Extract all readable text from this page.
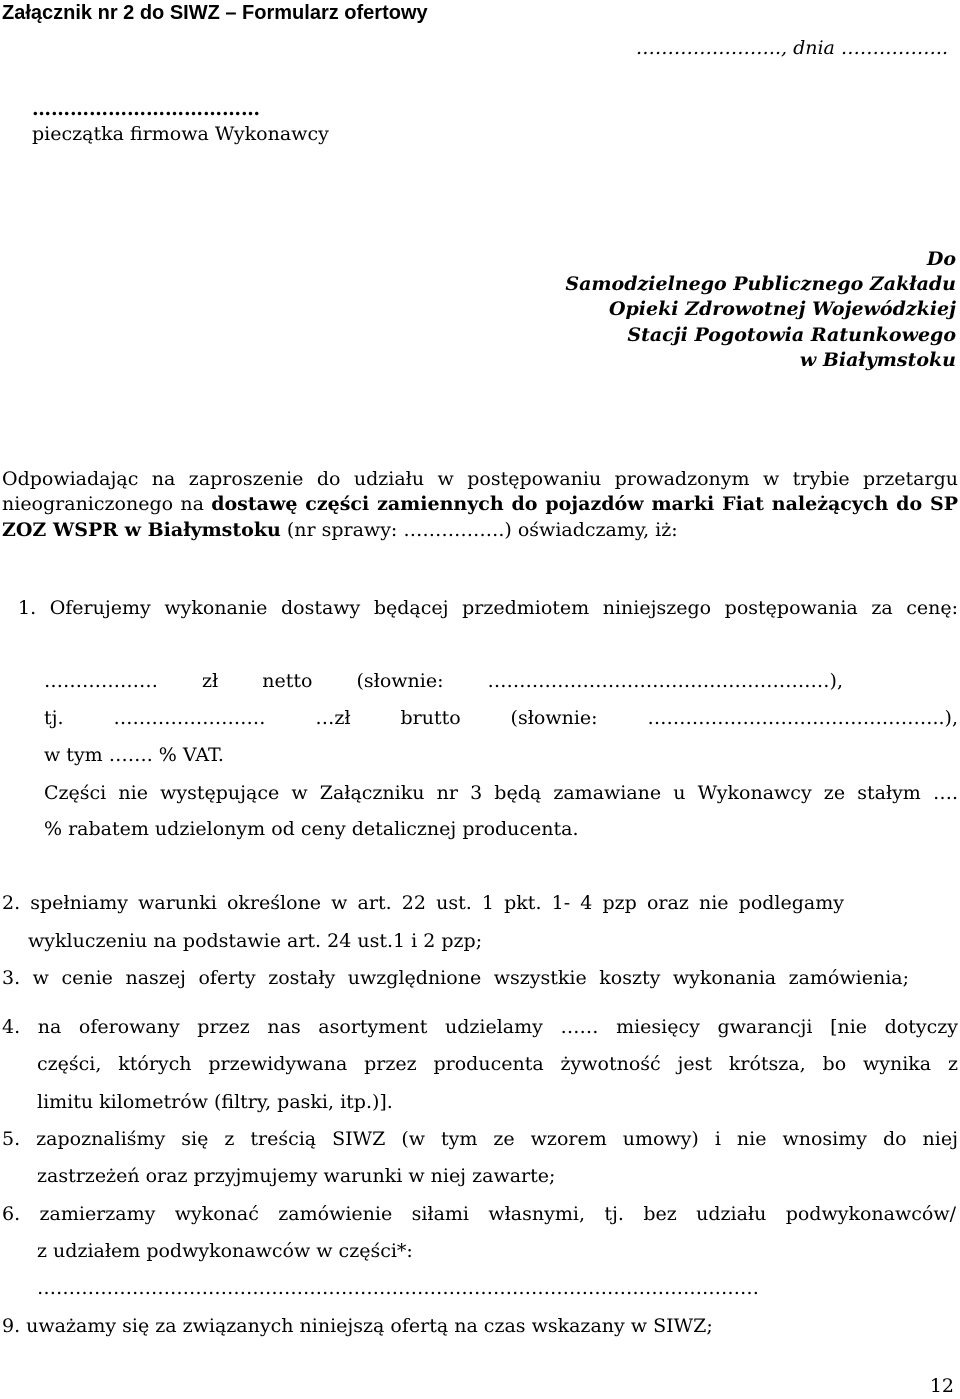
Załącznik nr 2 do SIWZ – Formularz ofertowy
………………….., dnia ……………..
………………………………
pieczątka firmowa Wykonawcy
Do
Samodzielnego Publicznego Zakładu
Opieki Zdrowotnej Wojewódzkiej
Stacji Pogotowia Ratunkowego
w Białymstoku
Odpowiadając na zaproszenie do udziału w postępowaniu prowadzonym w trybie przetargu nieograniczonego na dostawę części zamiennych do pojazdów marki Fiat należących do SP ZOZ WSPR w Białymstoku (nr sprawy: …………….) oświadczamy, iż:
1. Oferujemy wykonanie dostawy będącej przedmiotem niniejszego postępowania za cenę:
……………… zł netto (słownie: ………………………………………………),
tj. …………………… …zł brutto (słownie: ………………………………………..),
w tym ……. % VAT.
Części nie występujące w Załączniku nr 3 będą zamawiane u Wykonawcy ze stałym ….
% rabatem udzielonym od ceny detalicznej producenta.
2. spełniamy warunki określone w art. 22 ust. 1 pkt. 1- 4 pzp oraz nie podlegamy
wykluczeniu na podstawie art. 24 ust.1 i 2 pzp;
3. w cenie naszej oferty zostały uwzględnione wszystkie koszty wykonania zamówienia;
4. na oferowany przez nas asortyment udzielamy …… miesięcy gwarancji [nie dotyczy
części, których przewidywana przez producenta żywotność jest krótsza, bo wynika z
limitu kilometrów (filtry, paski, itp.)].
5. zapoznaliśmy się z treścią SIWZ (w tym ze wzorem umowy) i nie wnosimy do niej
zastrzeżeń oraz przyjmujemy warunki w niej zawarte;
6. zamierzamy wykonać zamówienie siłami własnymi, tj. bez udziału podwykonawców/
z udziałem podwykonawców w części*:
……………………………………………………………………………………………………
9. uważamy się za związanych niniejszą ofertą na czas wskazany w SIWZ;
12
